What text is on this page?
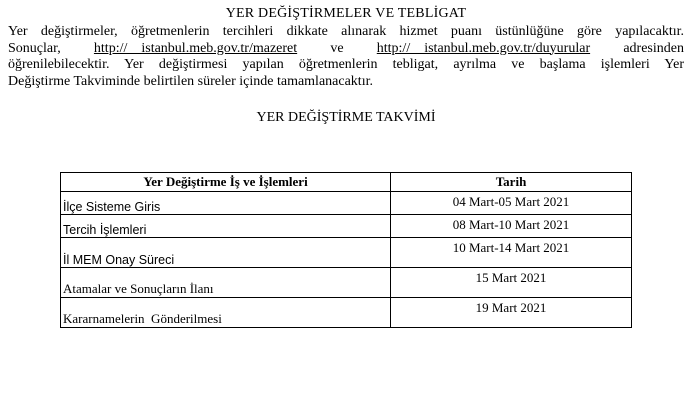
YER DEĞİŞTİRMELER VE TEBLİGAT
Yer değiştirmeler, öğretmenlerin tercihleri dikkate alınarak hizmet puanı üstünlüğüne göre yapılacaktır.
Sonuçlar, http://    istanbul.meb.gov.tr/mazeret ve http://    istanbul.meb.gov.tr/duyurular adresinden
öğrenilebilecektir. Yer değiştirmesi yapılan öğretmenlerin tebligat, ayrılma ve başlama işlemleri Yer
Değiştirme Takviminde belirtilen süreler içinde tamamlanacaktır.
YER DEĞİŞTİRME TAKVİMİ
Yer Değiştirme İş ve İşlemleri	Tarih
İlçe Sisteme Giris	04 Mart-05 Mart 2021
Tercih İşlemleri	08 Mart-10 Mart 2021
İl MEM Onay Süreci	10 Mart-14 Mart 2021
Atamalar ve Sonuçların İlanı	15 Mart 2021
Kararnamelerin  Gönderilmesi	19 Mart 2021
